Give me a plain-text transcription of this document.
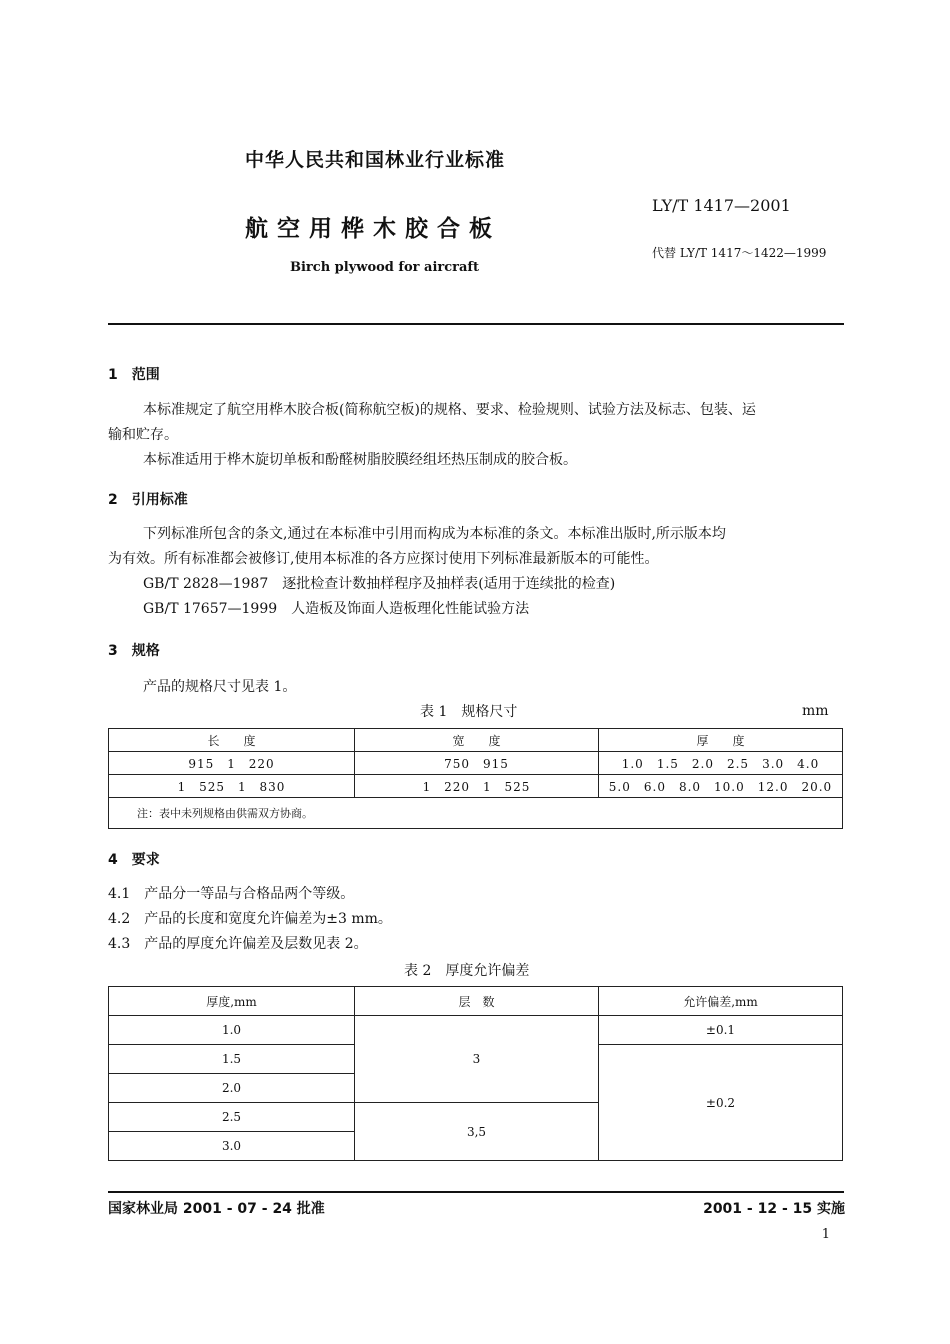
中华人民共和国林业行业标准
航空用桦木胶合板
Birch plywood for aircraft
LY/T 1417—2001
代替 LY/T 1417～1422—1999
1　范围
本标准规定了航空用桦木胶合板(简称航空板)的规格、要求、检验规则、试验方法及标志、包装、运
输和贮存。
本标准适用于桦木旋切单板和酚醛树脂胶膜经组坯热压制成的胶合板。
2　引用标准
下列标准所包含的条文,通过在本标准中引用而构成为本标准的条文。本标准出版时,所示版本均
为有效。所有标准都会被修订,使用本标准的各方应探讨使用下列标准最新版本的可能性。
GB/T 2828—1987　逐批检查计数抽样程序及抽样表(适用于连续批的检查)
GB/T 17657—1999　人造板及饰面人造板理化性能试验方法
3　规格
产品的规格尺寸见表 1。
表 1　规格尺寸	mm
长　　度	宽　　度	厚　　度
915　1 220	750　915	1.0　1.5　2.0　2.5　3.0　4.0
1 525　1 830	1 220　1 525	5.0　6.0　8.0　10.0　12.0　20.0
注：表中未列规格由供需双方协商。		
4　要求
4.1　产品分一等品与合格品两个等级。
4.2　产品的长度和宽度允许偏差为±3 mm。
4.3　产品的厚度允许偏差及层数见表 2。
表 2　厚度允许偏差
厚度,mm	层　数	允许偏差,mm
1.0	3	±0.1
1.5		±0.2
2.0		
2.5	3,5	
3.0		
国家林业局 2001 - 07 - 24 批准	2001 - 12 - 15 实施
1
